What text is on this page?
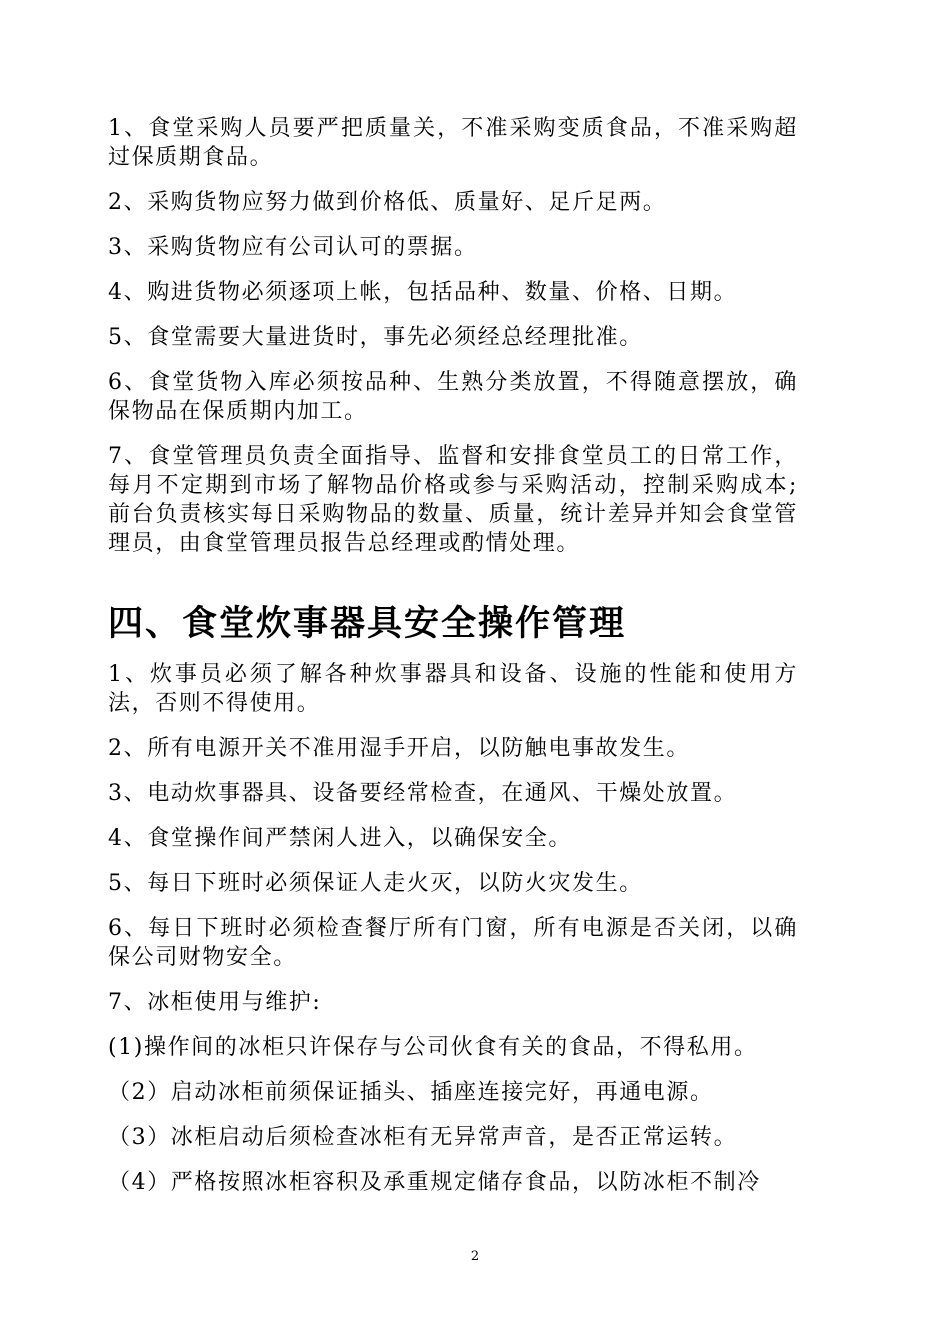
1、食堂采购人员要严把质量关，不准采购变质食品，不准采购超过保质期食品。

2、采购货物应努力做到价格低、质量好、足斤足两。

3、采购货物应有公司认可的票据。

4、购进货物必须逐项上帐，包括品种、数量、价格、日期。

5、食堂需要大量进货时，事先必须经总经理批准。

6、食堂货物入库必须按品种、生熟分类放置，不得随意摆放，确保物品在保质期内加工。

7、食堂管理员负责全面指导、监督和安排食堂员工的日常工作，每月不定期到市场了解物品价格或参与采购活动，控制采购成本; 前台负责核实每日采购物品的数量、质量，统计差异并知会食堂管理员，由食堂管理员报告总经理或酌情处理。

四、食堂炊事器具安全操作管理

1、炊事员必须了解各种炊事器具和设备、设施的性能和使用方法，否则不得使用。

2、所有电源开关不准用湿手开启，以防触电事故发生。

3、电动炊事器具、设备要经常检查，在通风、干燥处放置。

4、食堂操作间严禁闲人进入，以确保安全。

5、每日下班时必须保证人走火灭，以防火灾发生。

6、每日下班时必须检查餐厅所有门窗，所有电源是否关闭，以确保公司财物安全。

7、冰柜使用与维护:

(1)操作间的冰柜只许保存与公司伙食有关的食品，不得私用。

（2）启动冰柜前须保证插头、插座连接完好，再通电源。

（3）冰柜启动后须检查冰柜有无异常声音，是否正常运转。

（4）严格按照冰柜容积及承重规定储存食品，以防冰柜不制冷

2
